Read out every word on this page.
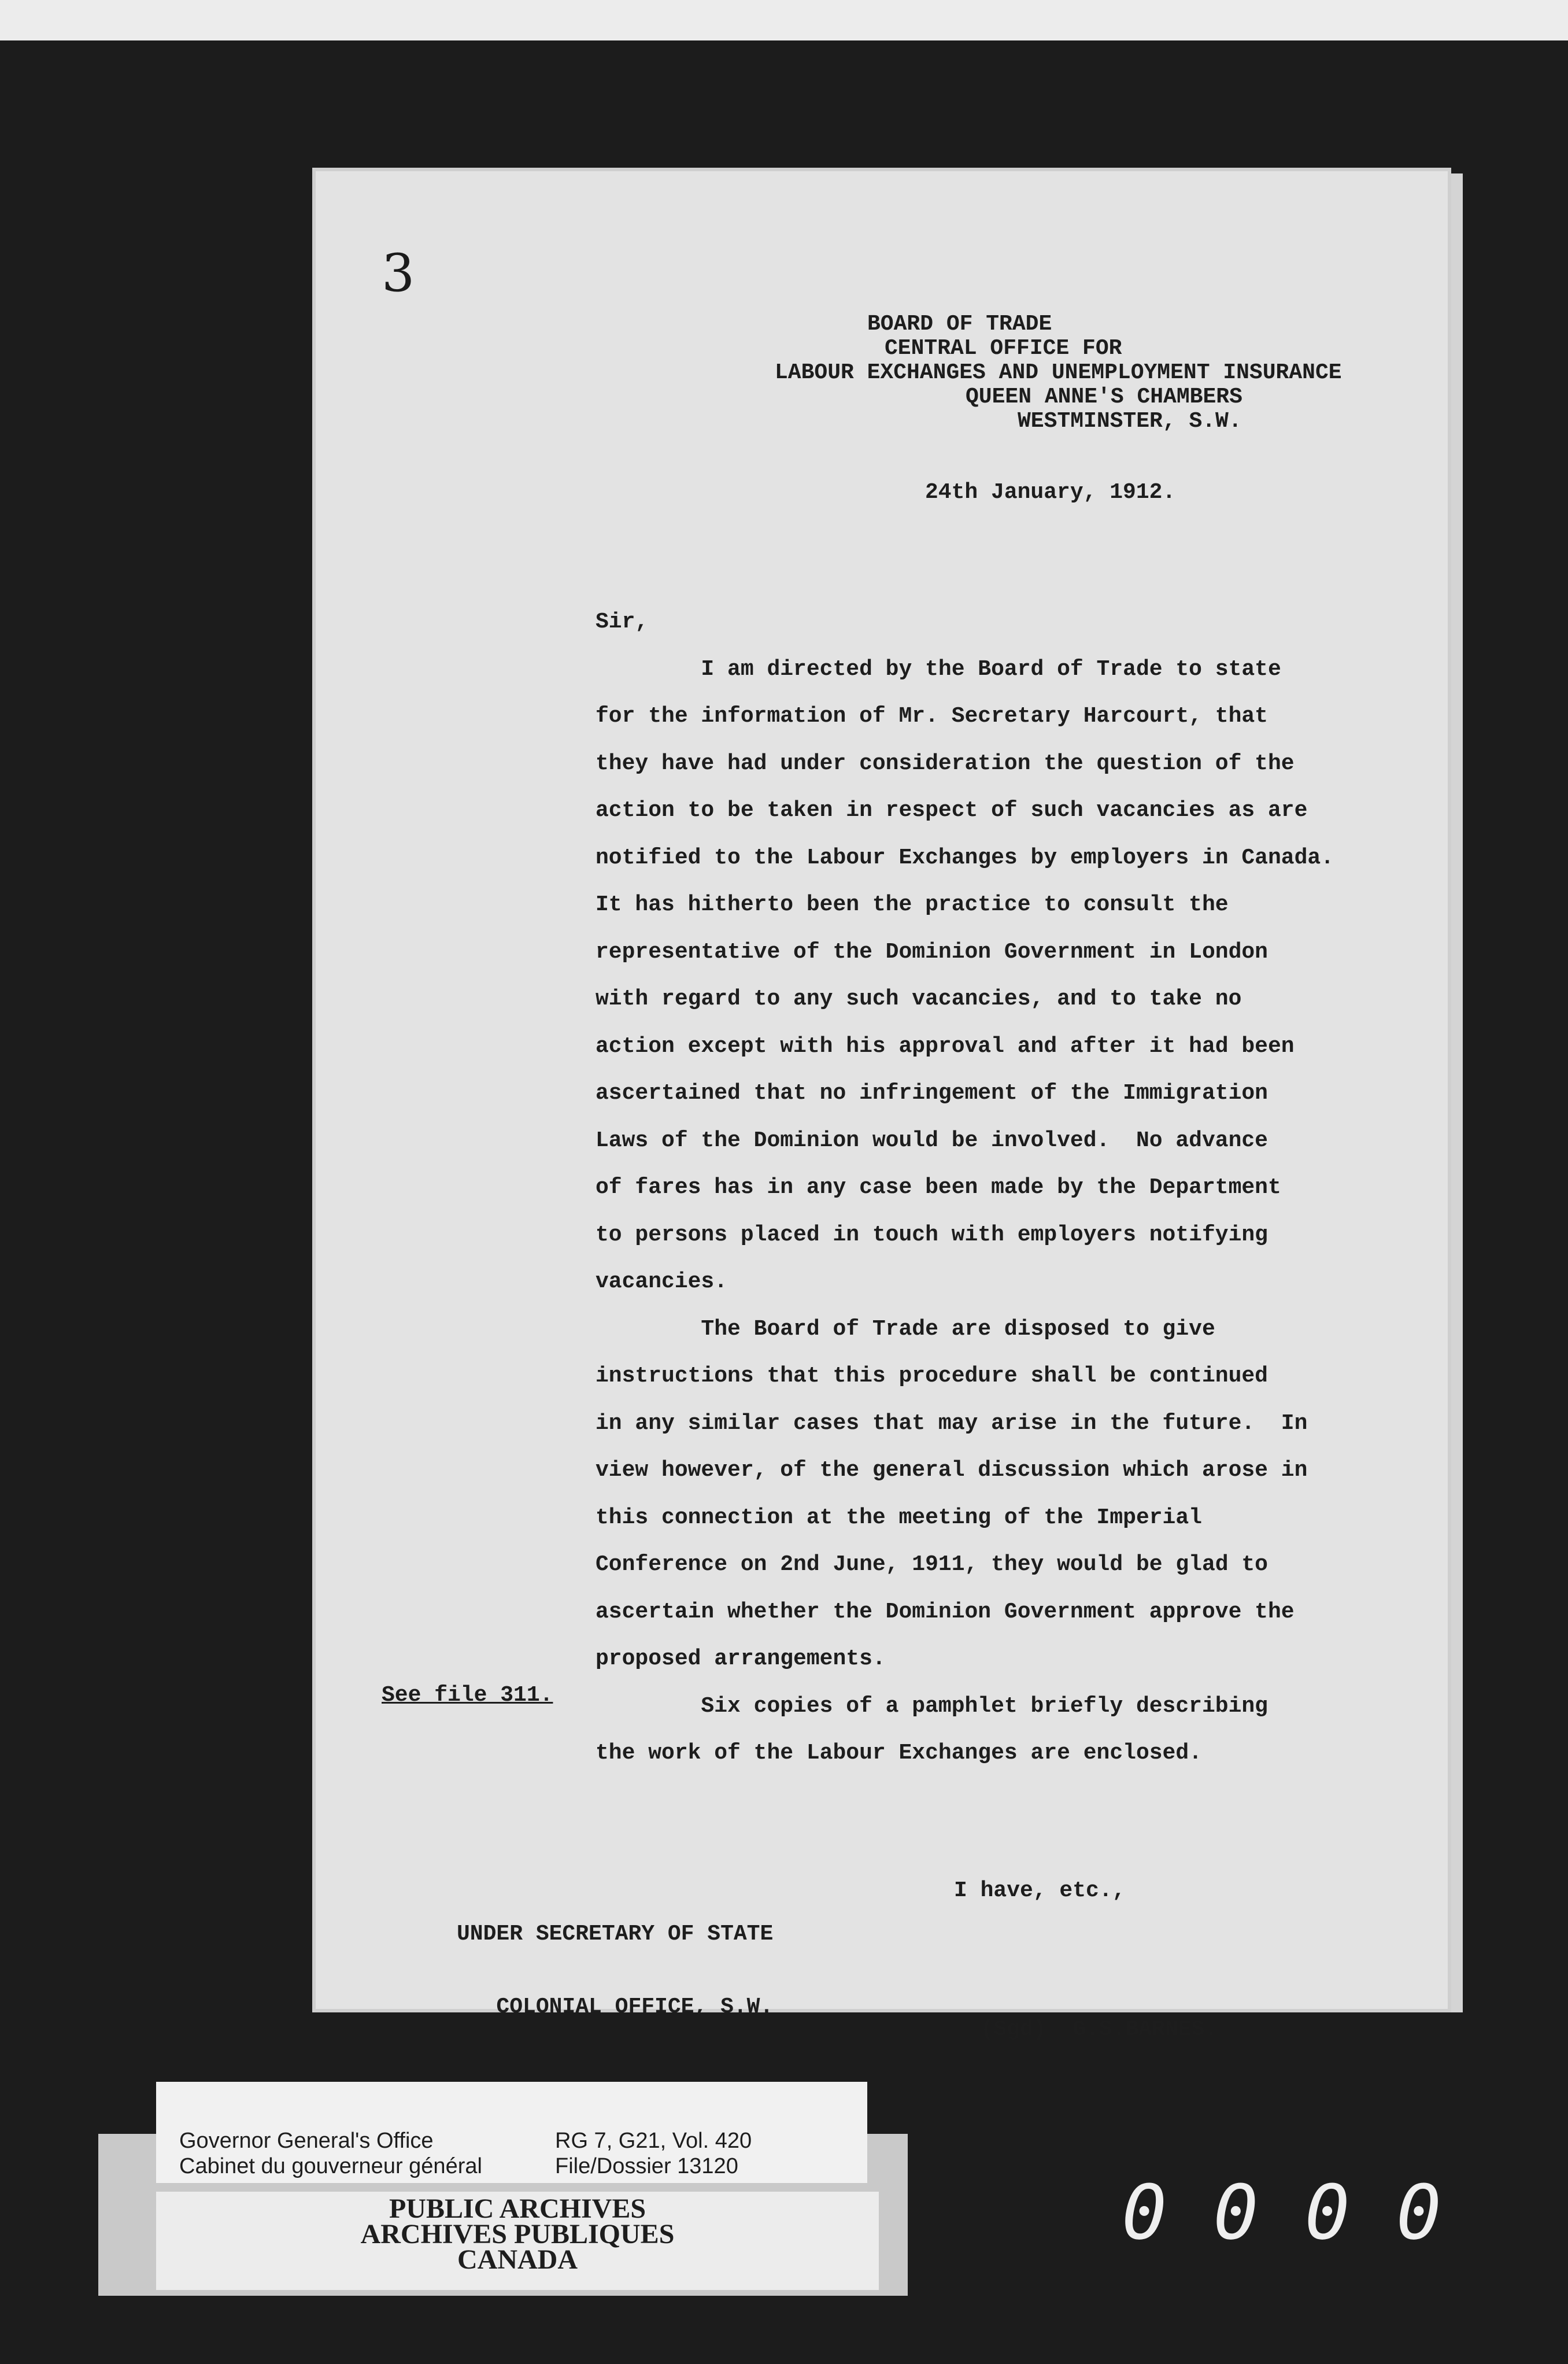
3
BOARD OF TRADE
CENTRAL OFFICE FOR
LABOUR EXCHANGES AND UNEMPLOYMENT INSURANCE
QUEEN ANNE'S CHAMBERS
WESTMINSTER, S.W.
24th January, 1912.
Sir,
I am directed by the Board of Trade to state
for the information of Mr. Secretary Harcourt, that
they have had under consideration the question of the
action to be taken in respect of such vacancies as are
notified to the Labour Exchanges by employers in Canada.
It has hitherto been the practice to consult the
representative of the Dominion Government in London
with regard to any such vacancies, and to take no
action except with his approval and after it had been
ascertained that no infringement of the Immigration
Laws of the Dominion would be involved.  No advance
of fares has in any case been made by the Department
to persons placed in touch with employers notifying
vacancies.
The Board of Trade are disposed to give
instructions that this procedure shall be continued
in any similar cases that may arise in the future.  In
view however, of the general discussion which arose in
this connection at the meeting of the Imperial
Conference on 2nd June, 1911, they would be glad to
ascertain whether the Dominion Government approve the
proposed arrangements.
Six copies of a pamphlet briefly describing
the work of the Labour Exchanges are enclosed.
See file 311.

I have, etc.,

(Sgd)  G.S.BARNES.

UNDER SECRETARY OF STATE

COLONIAL OFFICE, S.W.

Governor General's Office
Cabinet du gouverneur général
RG 7, G21, Vol. 420
File/Dossier 13120
PUBLIC ARCHIVES
ARCHIVES PUBLIQUES
CANADA
0000
